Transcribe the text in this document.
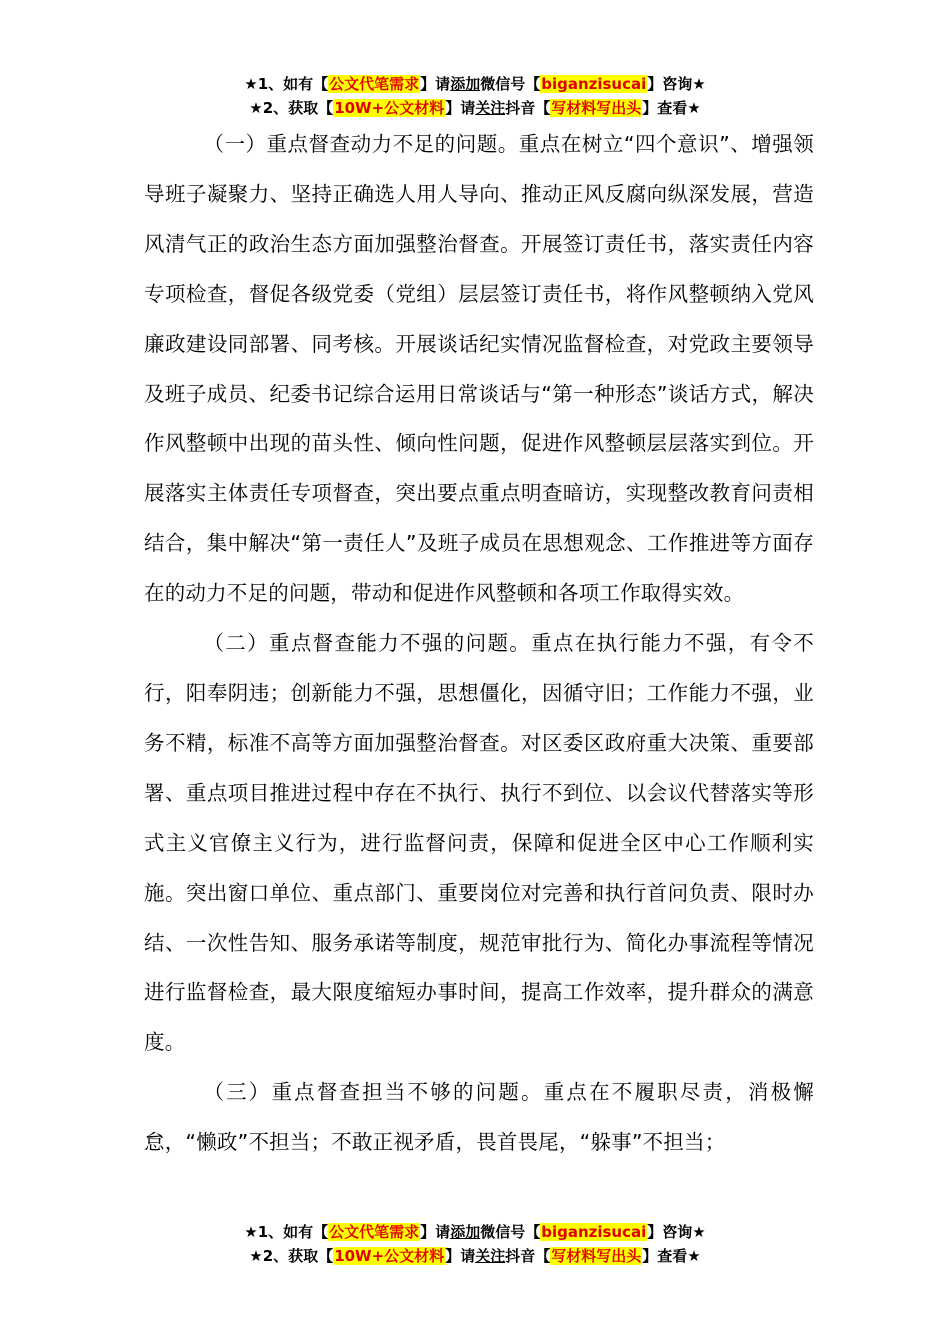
★1、如有【公文代笔需求】请添加微信号【biganzisucai】咨询★
★2、获取【10W+公文材料】请关注抖音【写材料写出头】查看★

（一）重点督查动力不足的问题。重点在树立“四个意识”、增强领导班子凝聚力、坚持正确选人用人导向、推动正风反腐向纵深发展，营造风清气正的政治生态方面加强整治督查。开展签订责任书，落实责任内容专项检查，督促各级党委（党组）层层签订责任书，将作风整顿纳入党风廉政建设同部署、同考核。开展谈话纪实情况监督检查，对党政主要领导及班子成员、纪委书记综合运用日常谈话与“第一种形态”谈话方式，解决作风整顿中出现的苗头性、倾向性问题，促进作风整顿层层落实到位。开展落实主体责任专项督查，突出要点重点明查暗访，实现整改教育问责相结合，集中解决“第一责任人”及班子成员在思想观念、工作推进等方面存在的动力不足的问题，带动和促进作风整顿和各项工作取得实效。

（二）重点督查能力不强的问题。重点在执行能力不强，有令不行，阳奉阴违；创新能力不强，思想僵化，因循守旧；工作能力不强，业务不精，标准不高等方面加强整治督查。对区委区政府重大决策、重要部署、重点项目推进过程中存在不执行、执行不到位、以会议代替落实等形式主义官僚主义行为，进行监督问责，保障和促进全区中心工作顺利实施。突出窗口单位、重点部门、重要岗位对完善和执行首问负责、限时办结、一次性告知、服务承诺等制度，规范审批行为、简化办事流程等情况进行监督检查，最大限度缩短办事时间，提高工作效率，提升群众的满意度。

（三）重点督查担当不够的问题。重点在不履职尽责，消极懈怠，“懒政”不担当；不敢正视矛盾，畏首畏尾，“躲事”不担当；

★1、如有【公文代笔需求】请添加微信号【biganzisucai】咨询★
★2、获取【10W+公文材料】请关注抖音【写材料写出头】查看★
